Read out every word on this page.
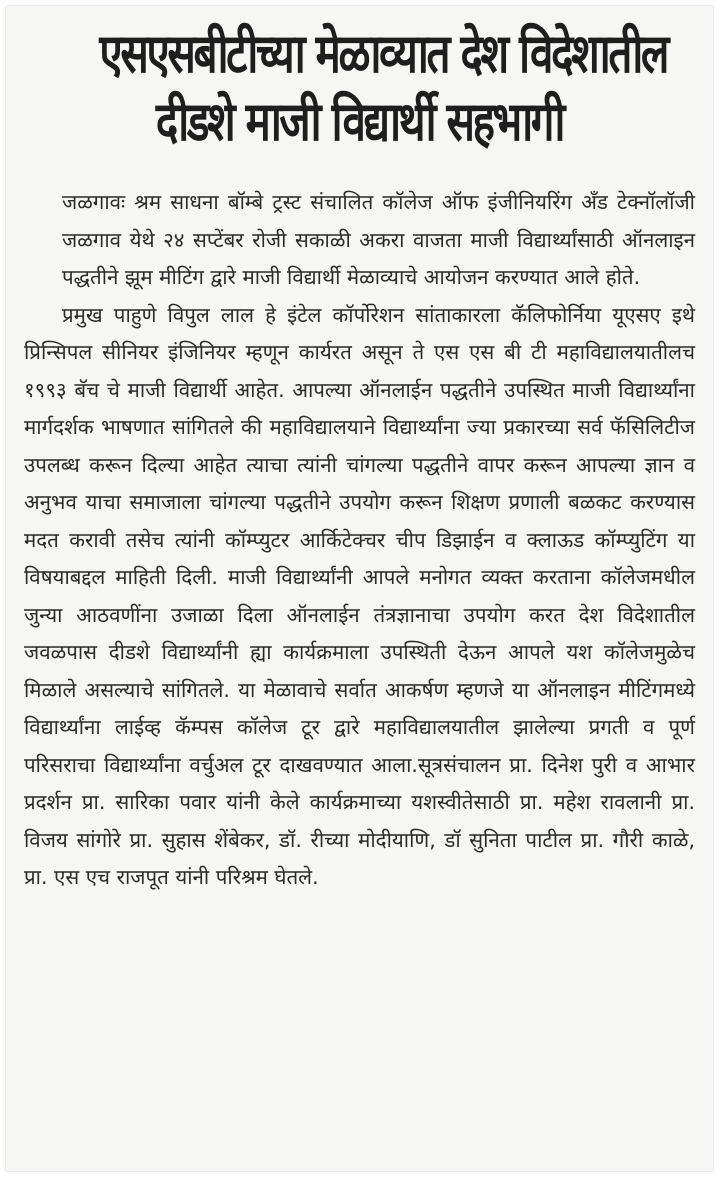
एसएसबीटीच्या मेळाव्यात देश विदेशातील
दीडशे माजी विद्यार्थी सहभागी

जळगावः श्रम साधना बॉम्बे ट्रस्ट संचालित कॉलेज ऑफ इंजीनियरिंग अँड टेक्नॉलॉजी जळगाव येथे २४ सप्टेंबर रोजी सकाळी अकरा वाजता माजी विद्यार्थ्यांसाठी ऑनलाइन पद्धतीने झूम मीटिंग द्वारे माजी विद्यार्थी मेळाव्याचे आयोजन करण्यात आले होते.

प्रमुख पाहुणे विपुल लाल हे इंटेल कॉर्पोरेशन सांताकारला कॅलिफोर्निया यूएसए इथे प्रिन्सिपल सीनियर इंजिनियर म्हणून कार्यरत असून ते एस एस बी टी महाविद्यालयातीलच १९९३ बॅच चे माजी विद्यार्थी आहेत. आपल्या ऑनलाईन पद्धतीने उपस्थित माजी विद्यार्थ्यांना मार्गदर्शक भाषणात सांगितले की महाविद्यालयाने विद्यार्थ्यांना ज्या प्रकारच्या सर्व फॅसिलिटीज उपलब्ध करून दिल्या आहेत त्याचा त्यांनी चांगल्या पद्धतीने वापर करून आपल्या ज्ञान व अनुभव याचा समाजाला चांगल्या पद्धतीने उपयोग करून शिक्षण प्रणाली बळकट करण्यास मदत करावी तसेच त्यांनी कॉम्प्युटर आर्किटेक्चर चीप डिझाईन व क्लाऊड कॉम्प्युटिंग या विषयाबद्दल माहिती दिली. माजी विद्यार्थ्यांनी आपले मनोगत व्यक्त करताना कॉलेजमधील जुन्या आठवणींना उजाळा दिला ऑनलाईन तंत्रज्ञानाचा उपयोग करत देश विदेशातील जवळपास दीडशे विद्यार्थ्यांनी ह्या कार्यक्रमाला उपस्थिती देऊन आपले यश कॉलेजमुळेच मिळाले असल्याचे सांगितले. या मेळावाचे सर्वात आकर्षण म्हणजे या ऑनलाइन मीटिंगमध्ये विद्यार्थ्यांना लाईव्ह कॅम्पस कॉलेज टूर द्वारे महाविद्यालयातील झालेल्या प्रगती व पूर्ण परिसराचा विद्यार्थ्यांना वर्चुअल टूर दाखवण्यात आला.सूत्रसंचालन प्रा. दिनेश पुरी व आभार प्रदर्शन प्रा. सारिका पवार यांनी केले कार्यक्रमाच्या यशस्वीतेसाठी प्रा. महेश रावलानी प्रा. विजय सांगोरे प्रा. सुहास शेंबेकर, डॉ. रीच्या मोदीयाणि, डॉ सुनिता पाटील प्रा. गौरी काळे, प्रा. एस एच राजपूत यांनी परिश्रम घेतले.
